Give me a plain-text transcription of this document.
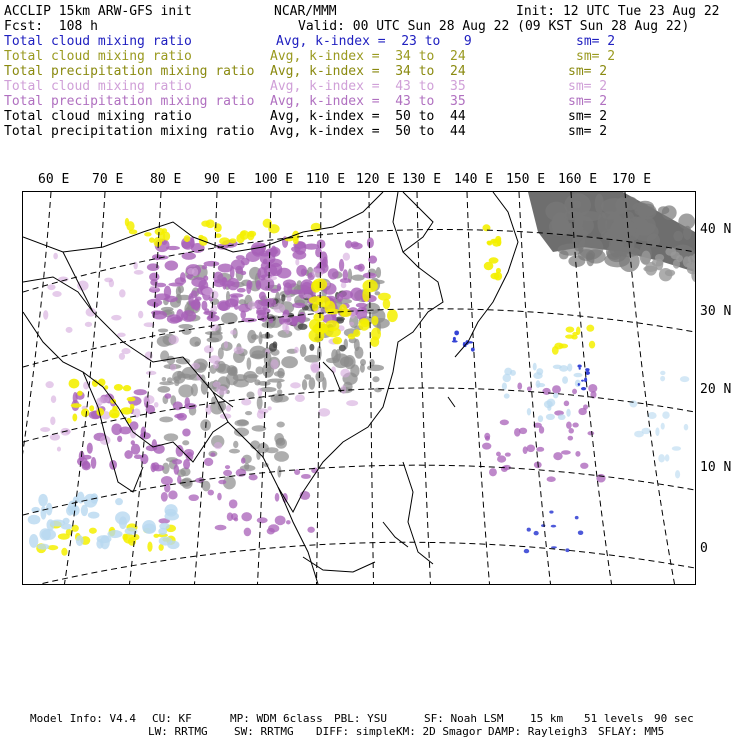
ACCLIP 15km ARW-GFS init	NCAR/MMM	Init: 12 UTC Tue 23 Aug 22
Fcst:  108 h	Valid: 00 UTC Sun 28 Aug 22 (09 KST Sun 28 Aug 22)
Total cloud mixing ratio	Avg, k-index =  23 to   9	sm= 2
Total cloud mixing ratio	Avg, k-index =  34 to  24	sm= 2
Total precipitation mixing ratio Avg, k-index =  34 to  24	sm= 2
Total cloud mixing ratio	Avg, k-index =  43 to  35	sm= 2
Total precipitation mixing ratio Avg, k-index =  43 to  35	sm= 2
Total cloud mixing ratio	Avg, k-index =  50 to  44	sm= 2
Total precipitation mixing ratio Avg, k-index =  50 to  44	sm= 2
60 E 70 E 80 E 90 E 100 E 110 E 120 E 130 E 140 E 150 E 160 E 170 E
40 N
30 N
20 N
10 N
0
Model Info: V4.4 CU: KF	MP: WDM 6class PBL: YSU	SF: Noah LSM 15 km 51 levels 90 sec
LW: RRTMG SW: RRTMG DIFF: simple KM: 2D Smagor DAMP: Rayleigh3 SFLAY: MM5
